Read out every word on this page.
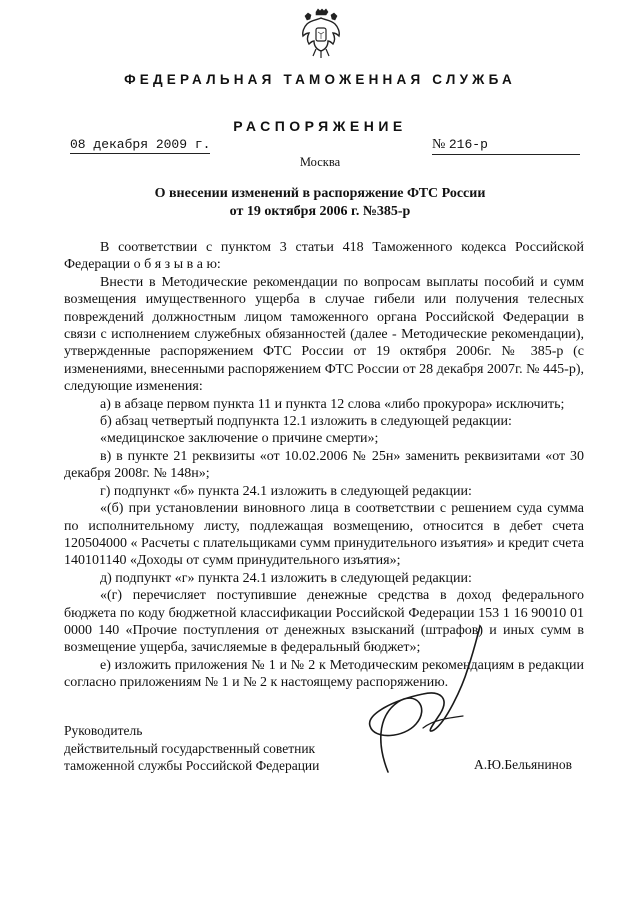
ФЕДЕРАЛЬНАЯ ТАМОЖЕННАЯ СЛУЖБА
РАСПОРЯЖЕНИЕ
08 декабря 2009 г.	№ 216-р
Москва
О внесении изменений в распоряжение ФТС России
от 19 октября 2006 г. №385-р

В соответствии с пунктом 3 статьи 418 Таможенного кодекса Российской Федерации о б я з ы в а ю:

Внести в Методические рекомендации по вопросам выплаты пособий и сумм возмещения имущественного ущерба в случае гибели или получения телесных повреждений должностным лицом таможенного органа Российской Федерации в связи с исполнением служебных обязанностей (далее - Методические рекомендации), утвержденные распоряжением ФТС России от 19 октября 2006г. № 385-р (с изменениями, внесенными распоряжением ФТС России от 28 декабря 2007г. № 445-р), следующие изменения:

а) в абзаце первом пункта 11 и пункта 12 слова «либо прокурора» исключить;

б) абзац четвертый подпункта 12.1 изложить в следующей редакции:

«медицинское заключение о причине смерти»;

в) в пункте 21 реквизиты «от 10.02.2006 № 25н» заменить реквизитами «от 30 декабря 2008г. № 148н»;

г) подпункт «б» пункта 24.1 изложить в следующей редакции:

«(б) при установлении виновного лица в соответствии с решением суда сумма по исполнительному листу, подлежащая возмещению, относится в дебет счета 120504000 « Расчеты с плательщиками сумм принудительного изъятия» и кредит счета 140101140 «Доходы от сумм принудительного изъятия»;

д) подпункт «г» пункта 24.1 изложить в следующей редакции:

«(г) перечисляет поступившие денежные средства в доход федерального бюджета по коду бюджетной классификации Российской Федерации 153 1 16 90010 01 0000 140 «Прочие поступления от денежных взысканий (штрафов) и иных сумм в возмещение ущерба, зачисляемые в федеральный бюджет»;

е) изложить приложения № 1 и № 2 к Методическим рекомендациям в редакции согласно приложениям № 1 и № 2 к настоящему распоряжению.

Руководитель
действительный государственный советник
таможенной службы Российской Федерации	А.Ю.Бельянинов
